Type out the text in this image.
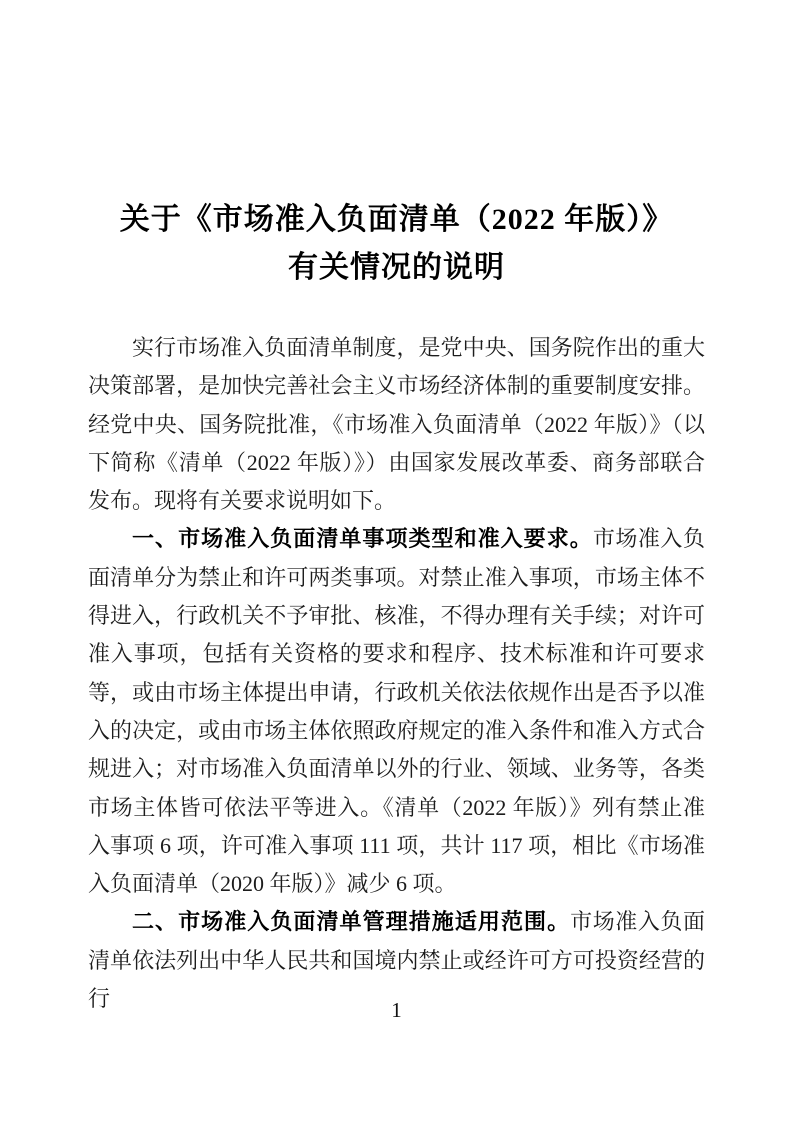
关于《市场准入负面清单（2022 年版）》
有关情况的说明

实行市场准入负面清单制度，是党中央、国务院作出的重大决策部署，是加快完善社会主义市场经济体制的重要制度安排。经党中央、国务院批准，《市场准入负面清单（2022 年版）》（以下简称《清单（2022 年版）》）由国家发展改革委、商务部联合发布。现将有关要求说明如下。

一、市场准入负面清单事项类型和准入要求。市场准入负面清单分为禁止和许可两类事项。对禁止准入事项，市场主体不得进入，行政机关不予审批、核准，不得办理有关手续；对许可准入事项，包括有关资格的要求和程序、技术标准和许可要求等，或由市场主体提出申请，行政机关依法依规作出是否予以准入的决定，或由市场主体依照政府规定的准入条件和准入方式合规进入；对市场准入负面清单以外的行业、领域、业务等，各类市场主体皆可依法平等进入。《清单（2022 年版）》列有禁止准入事项 6 项，许可准入事项 111 项，共计 117 项，相比《市场准入负面清单（2020 年版）》减少 6 项。

二、市场准入负面清单管理措施适用范围。市场准入负面清单依法列出中华人民共和国境内禁止或经许可方可投资经营的行	1
